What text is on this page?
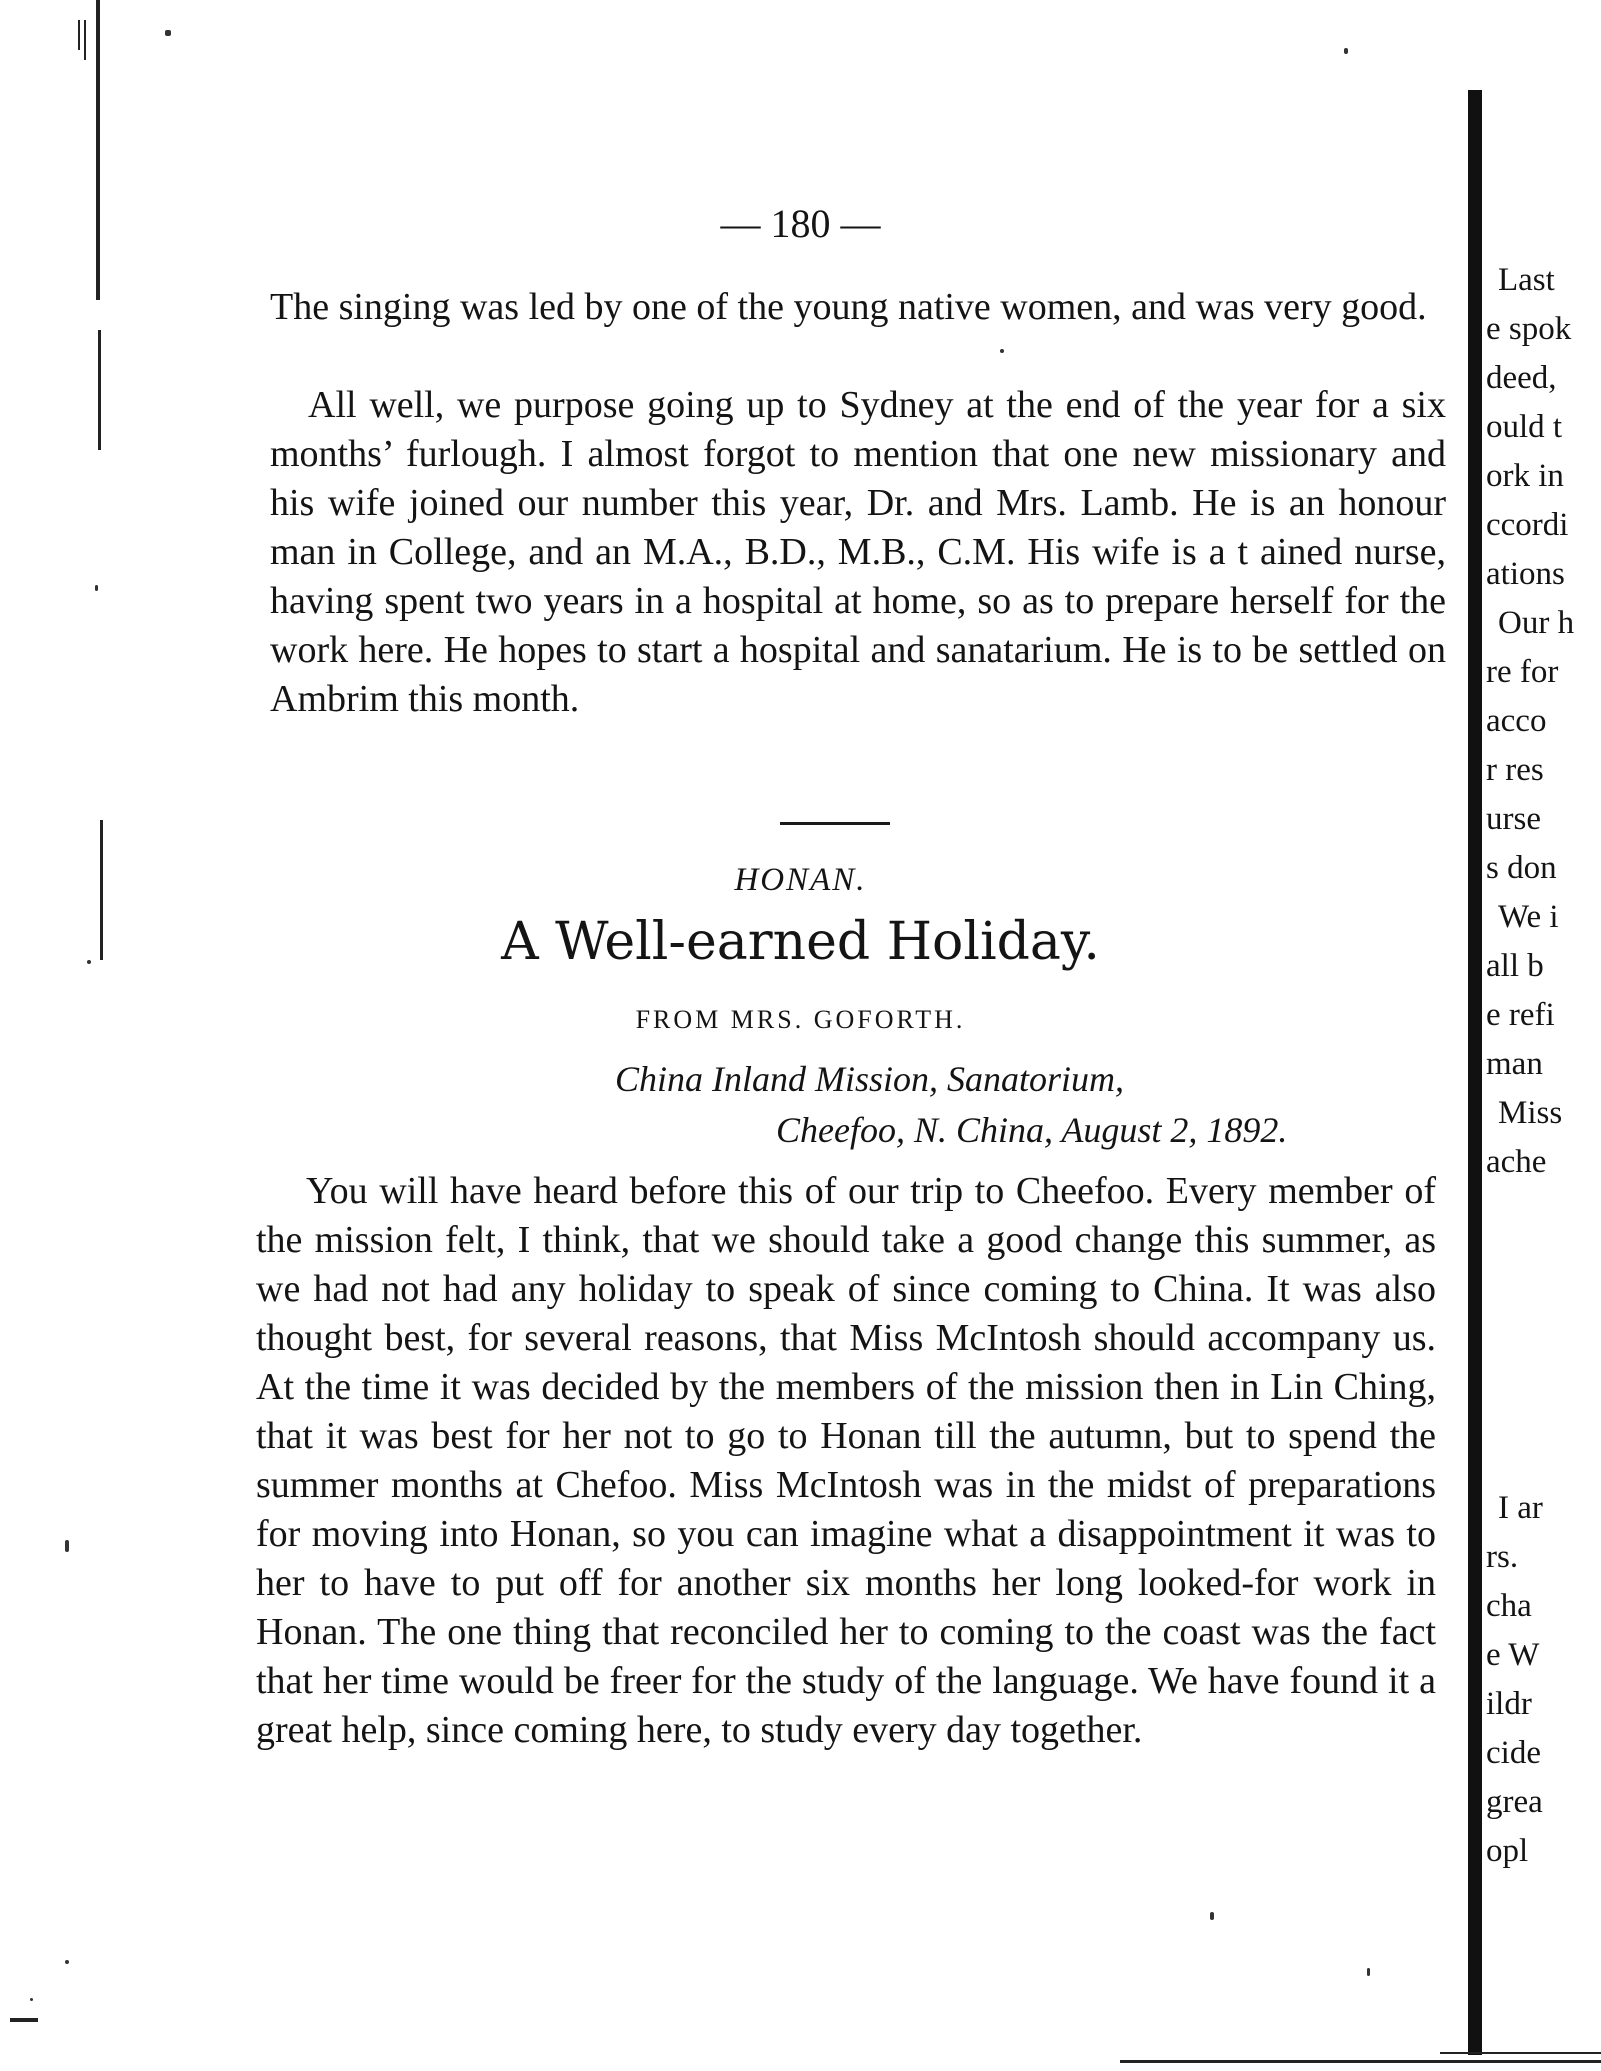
— 180 —

The singing was led by one of the young native women, and was very good.

All well, we purpose going up to Sydney at the end of the year for a six months’ furlough. I almost forgot to mention that one new missionary and his wife joined our number this year, Dr. and Mrs. Lamb. He is an honour man in College, and an M.A., B.D., M.B., C.M. His wife is a t ained nurse, having spent two years in a hospital at home, so as to prepare herself for the work here. He hopes to start a hospital and sanatarium. He is to be settled on Ambrim this month.

HONAN.
A Well-earned Holiday.
FROM MRS. GOFORTH.
China Inland Mission, Sanatorium,
Cheefoo, N. China, August 2, 1892.

You will have heard before this of our trip to Cheefoo. Every member of the mission felt, I think, that we should take a good change this summer, as we had not had any holiday to speak of since coming to China. It was also thought best, for several reasons, that Miss McIntosh should accompany us. At the time it was decided by the members of the mission then in Lin Ching, that it was best for her not to go to Honan till the autumn, but to spend the summer months at Chefoo. Miss McIntosh was in the midst of preparations for moving into Honan, so you can imagine what a disappointment it was to her to have to put off for another six months her long looked-for work in Honan. The one thing that reconciled her to coming to the coast was the fact that her time would be freer for the study of the language. We have found it a great help, since coming here, to study every day together.

Last
e spok
deed,
ould t
ork in
ccordi
ations
Our h
re for
acco
r res
urse
s don
We i
all b
e refi
man
Miss
ache
I ar
rs.
cha
e W
ildr
cide
grea
opl
